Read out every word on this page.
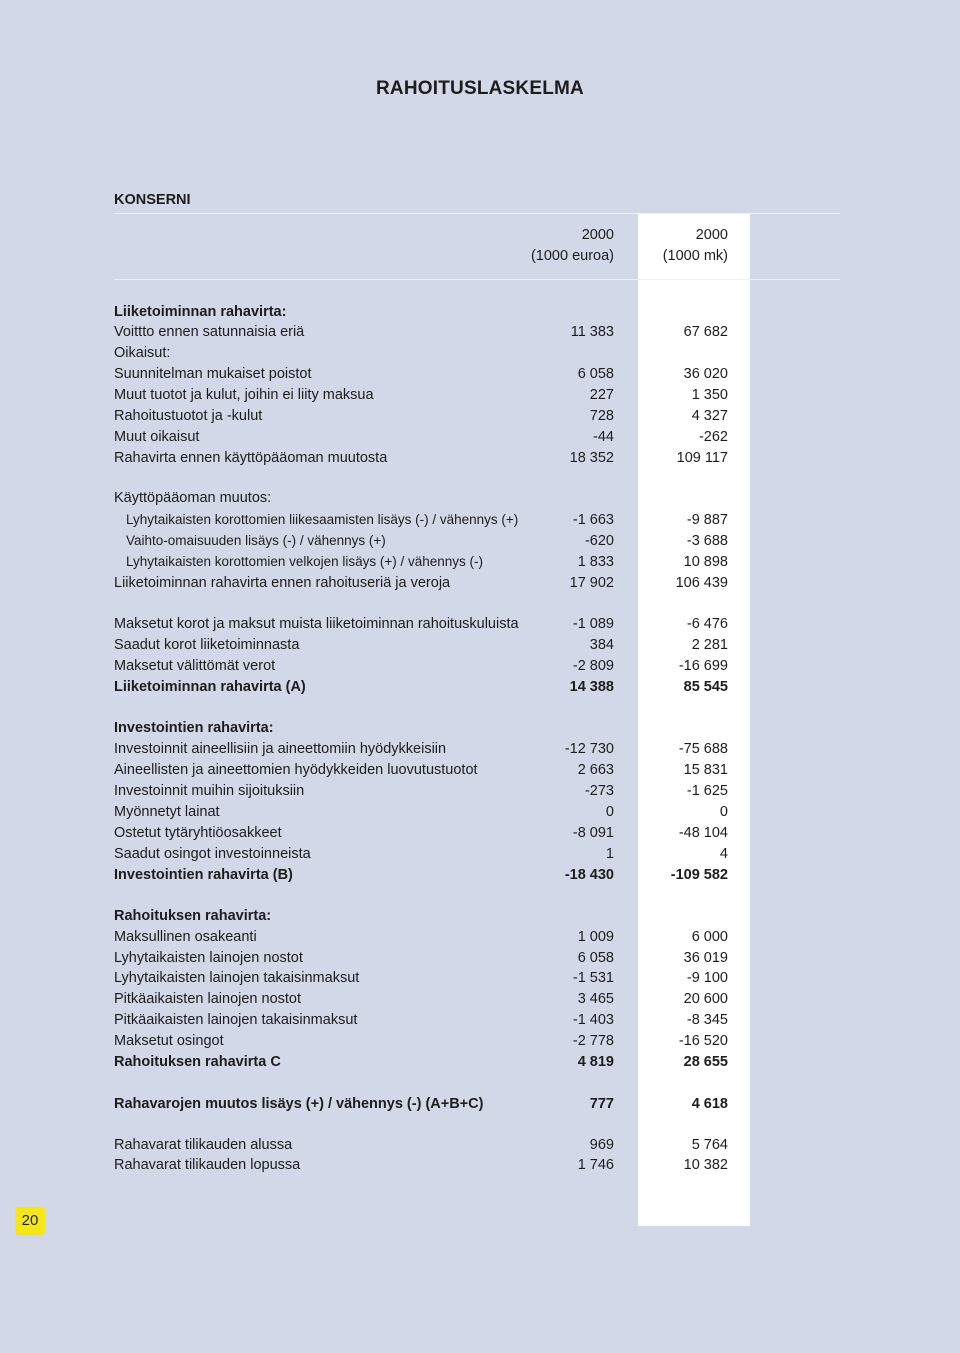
RAHOITUSLASKELMA
KONSERNI
2000
(1000 euroa)
2000
(1000 mk)
Liiketoiminnan rahavirta:
Voittto ennen satunnaisia eriä	11 383	67 682
Oikaisut:
Suunnitelman mukaiset poistot	6 058	36 020
Muut tuotot ja kulut, joihin ei liity maksua	227	1 350
Rahoitustuotot ja -kulut	728	4 327
Muut oikaisut	-44	-262
Rahavirta ennen käyttöpääoman muutosta	18 352	109 117
Käyttöpääoman muutos:
Lyhytaikaisten korottomien liikesaamisten lisäys (-) / vähennys (+)	-1 663	-9 887
Vaihto-omaisuuden lisäys (-) / vähennys (+)	-620	-3 688
Lyhytaikaisten korottomien velkojen lisäys (+) / vähennys (-)	1 833	10 898
Liiketoiminnan rahavirta ennen rahoituseriä ja veroja	17 902	106 439
Maksetut korot ja maksut muista liiketoiminnan rahoituskuluista	-1 089	-6 476
Saadut korot liiketoiminnasta	384	2 281
Maksetut välittömät verot	-2 809	-16 699
Liiketoiminnan rahavirta (A)	14 388	85 545
Investointien rahavirta:
Investoinnit aineellisiin ja aineettomiin hyödykkeisiin	-12 730	-75 688
Aineellisten ja aineettomien hyödykkeiden luovutustuotot	2 663	15 831
Investoinnit muihin sijoituksiin	-273	-1 625
Myönnetyt lainat	0	0
Ostetut tytäryhtiöosakkeet	-8 091	-48 104
Saadut osingot investoinneista	1	4
Investointien rahavirta (B)	-18 430	-109 582
Rahoituksen rahavirta:
Maksullinen osakeanti	1 009	6 000
Lyhytaikaisten lainojen nostot	6 058	36 019
Lyhytaikaisten lainojen takaisinmaksut	-1 531	-9 100
Pitkäaikaisten lainojen nostot	3 465	20 600
Pitkäaikaisten lainojen takaisinmaksut	-1 403	-8 345
Maksetut osingot	-2 778	-16 520
Rahoituksen rahavirta C	4 819	28 655
Rahavarojen muutos lisäys (+) / vähennys (-) (A+B+C)	777	4 618
Rahavarat tilikauden alussa	969	5 764
Rahavarat tilikauden lopussa	1 746	10 382
20
